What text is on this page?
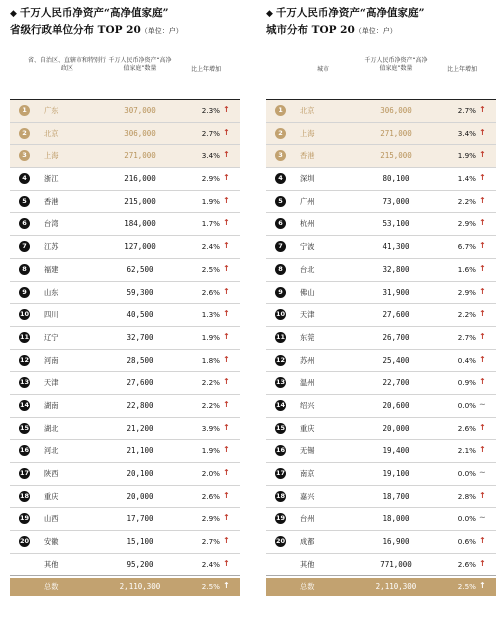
◆ 千万人民币净资产“高净值家庭”
省级行政单位分布 TOP 20（单位：户）
省、自治区、直辖市和特别行政区
千万人民币净资产“高净值家庭”数量	比上年增加
1	广东	307,000	2.3% ↑
2	北京	306,000	2.7% ↑
3	上海	271,000	3.4% ↑
4	浙江	216,000	2.9% ↑
5	香港	215,000	1.9% ↑
6	台湾	184,000	1.7% ↑
7	江苏	127,000	2.4% ↑
8	福建	62,500	2.5% ↑
9	山东	59,300	2.6% ↑
10 四川	40,500	1.3% ↑
11 辽宁	32,700	1.9% ↑
12 河南	28,500	1.8% ↑
13 天津	27,600	2.2% ↑
14 湖南	22,800	2.2% ↑
15 湖北	21,200	3.9% ↑
16 河北	21,100	1.9% ↑
17 陕西	20,100	2.0% ↑
18 重庆	20,000	2.6% ↑
19 山西	17,700	2.9% ↑
20 安徽	15,100	2.7% ↑
其他	95,200	2.4% ↑
总数	2,110,300	2.5% ↑
◆ 千万人民币净资产“高净值家庭”
城市分布 TOP 20（单位：户）
城市
千万人民币净资产“高净值家庭”数量	比上年增加
1	北京	306,000	2.7% ↑
2	上海	271,000	3.4% ↑
3	香港	215,000	1.9% ↑
4	深圳	80,100	1.4% ↑
5	广州	73,000	2.2% ↑
6	杭州	53,100	2.9% ↑
7	宁波	41,300	6.7% ↑
8	台北	32,800	1.6% ↑
9	佛山	31,900	2.9% ↑
10 天津	27,600	2.2% ↑
11 东莞	26,700	2.7% ↑
12 苏州	25,400	0.4% ↑
13 温州	22,700	0.9% ↑
14 绍兴	20,600	0.0% ~
15 重庆	20,000	2.6% ↑
16 无锡	19,400	2.1% ↑
17 南京	19,100	0.0% ~
18 嘉兴	18,700	2.8% ↑
19 台州	18,000	0.0% ~
20 成都	16,900	0.6% ↑
其他	771,000	2.6% ↑
总数	2,110,300	2.5% ↑
